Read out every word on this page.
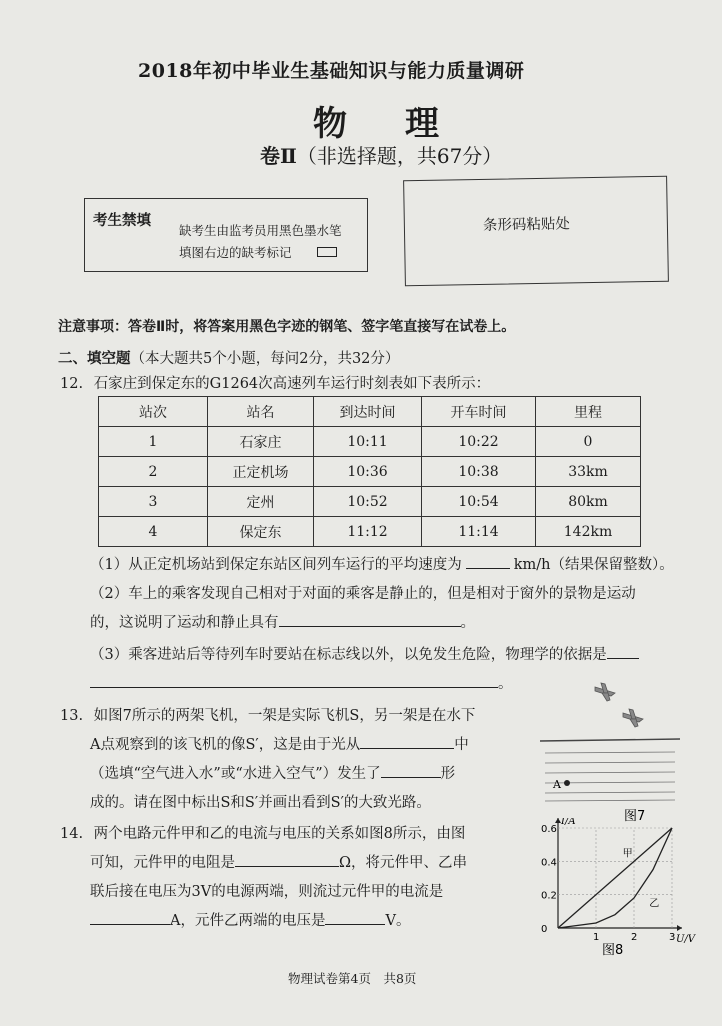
2018年初中毕业生基础知识与能力质量调研
物理
卷Ⅱ（非选择题，共67分）
考生禁填
缺考生由监考员用黑色墨水笔
填图右边的缺考标记
条形码粘贴处
注意事项：答卷Ⅱ时，将答案用黑色字迹的钢笔、签字笔直接写在试卷上。
二、填空题（本大题共5个小题，每问2分，共32分）
12. 石家庄到保定东的G1264次高速列车运行时刻表如下表所示：
站次	站名	到达时间	开车时间	里程
1	石家庄	10:11	10:22	0
2	正定机场	10:36	10:38	33km
3	定州	10:52	10:54	80km
4	保定东	11:12	11:14	142km
（1）从正定机场站到保定东站区间列车运行的平均速度为	km/h（结果保留整数）。
（2）车上的乘客发现自己相对于对面的乘客是静止的，但是相对于窗外的景物是运动
的，这说明了运动和静止具有	。
（3）乘客进站后等待列车时要站在标志线以外，以免发生危险，物理学的依据是
。
13. 如图7所示的两架飞机，一架是实际飞机S，另一架是在水下
A点观察到的该飞机的像S′，这是由于光从	中
（选填“空气进入水”或“水进入空气”）发生了	形
成的。请在图中标出S和S′并画出看到S′的大致光路。
A
图7
14. 两个电路元件甲和乙的电流与电压的关系如图8所示，由图
可知，元件甲的电阻是	Ω，将元件甲、乙串
联后接在电压为3V的电源两端，则流过元件甲的电流是
A，元件乙两端的电压是	V。
U/V
I/A
甲
乙
1	2	3
0
0.2
0.4
0.6
图8
物理试卷第4页　共8页
